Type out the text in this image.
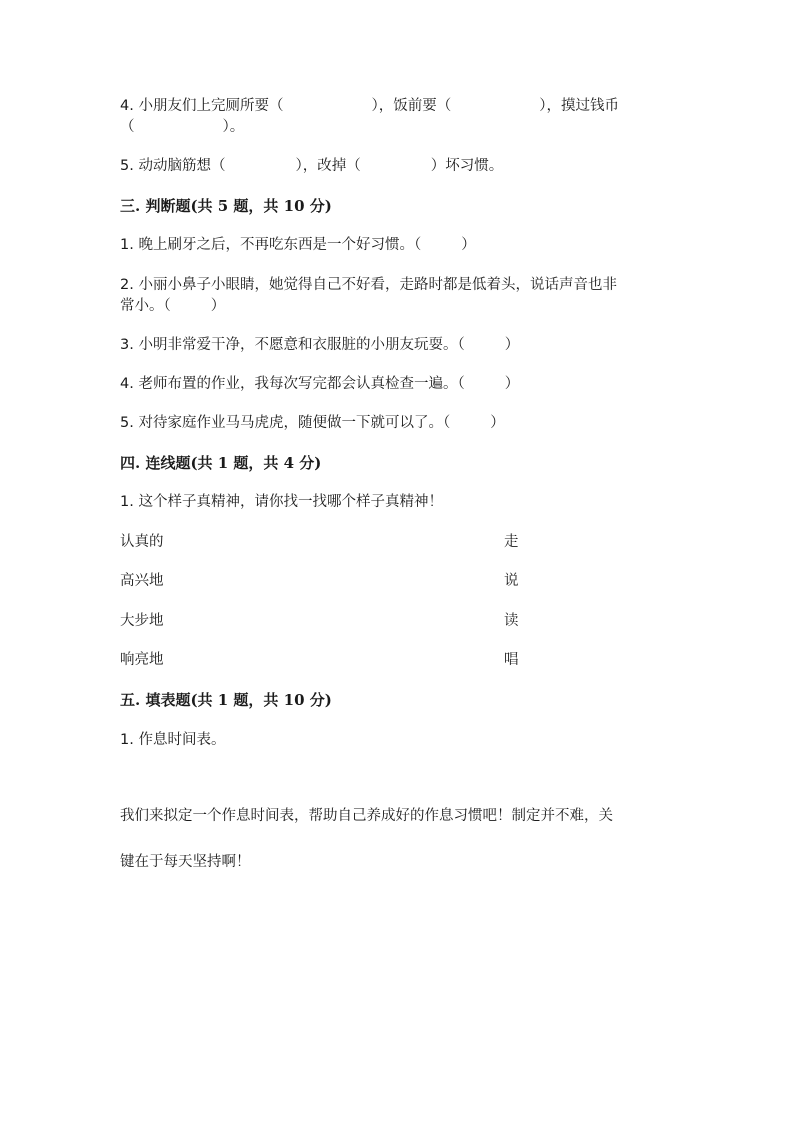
4. 小朋友们上完厕所要（	），饭前要（	），摸过钱币
（	）。
5. 动动脑筋想（	），改掉（	）坏习惯。
三. 判断题(共 5 题，共 10 分)
1. 晚上刷牙之后，不再吃东西是一个好习惯。（	）
2. 小丽小鼻子小眼睛，她觉得自己不好看，走路时都是低着头，说话声音也非
常小。（	）
3. 小明非常爱干净，不愿意和衣服脏的小朋友玩耍。（	）
4. 老师布置的作业，我每次写完都会认真检查一遍。（	）
5. 对待家庭作业马马虎虎，随便做一下就可以了。（	）
四. 连线题(共 1 题，共 4 分)
1. 这个样子真精神，请你找一找哪个样子真精神！
认真的	走
高兴地	说
大步地	读
响亮地	唱
五. 填表题(共 1 题，共 10 分)
1. 作息时间表。
我们来拟定一个作息时间表，帮助自己养成好的作息习惯吧！制定并不难，关
键在于每天坚持啊！
